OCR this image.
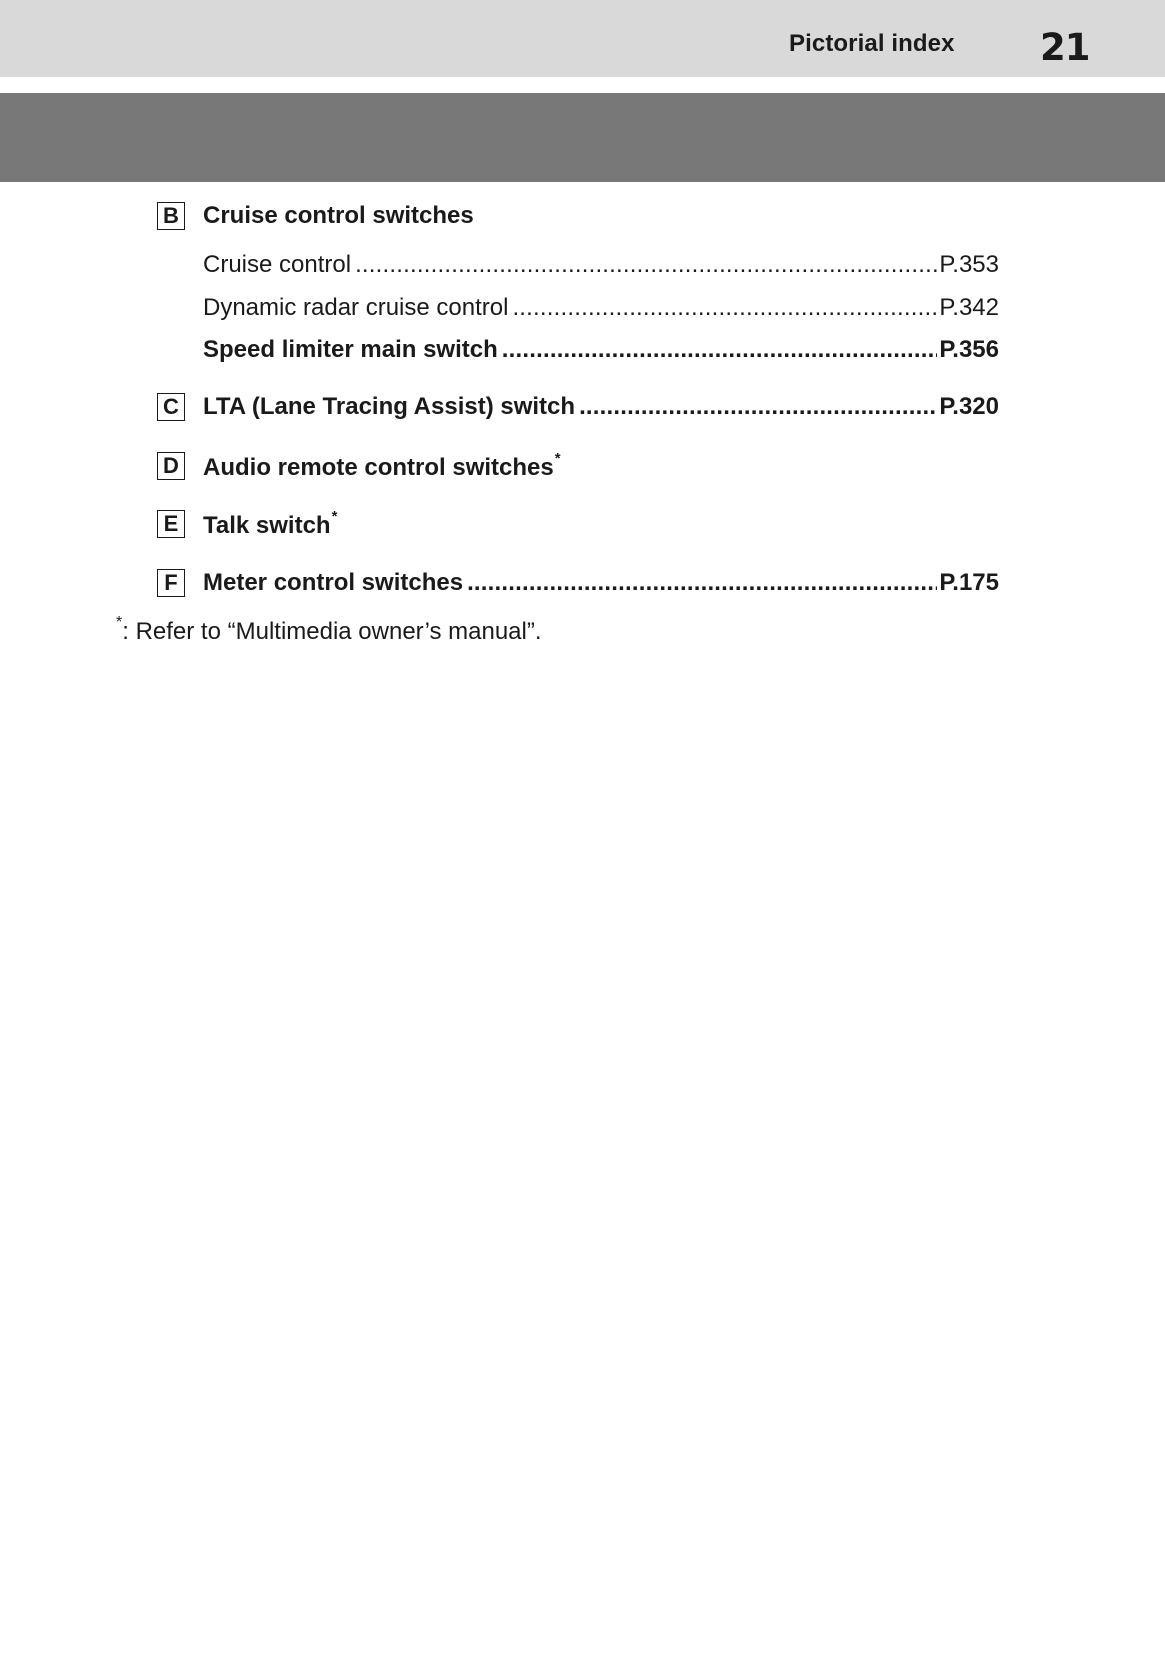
Pictorial index 21
B Cruise control switches
Cruise control .....	P.353
Dynamic radar cruise control .....	P.342
Speed limiter main switch .....	P.356
C LTA (Lane Tracing Assist) switch .....	P.320
D Audio remote control switches*
E Talk switch*
F	Meter control switches .....	P.175
*: Refer to “Multimedia owner’s manual”.
